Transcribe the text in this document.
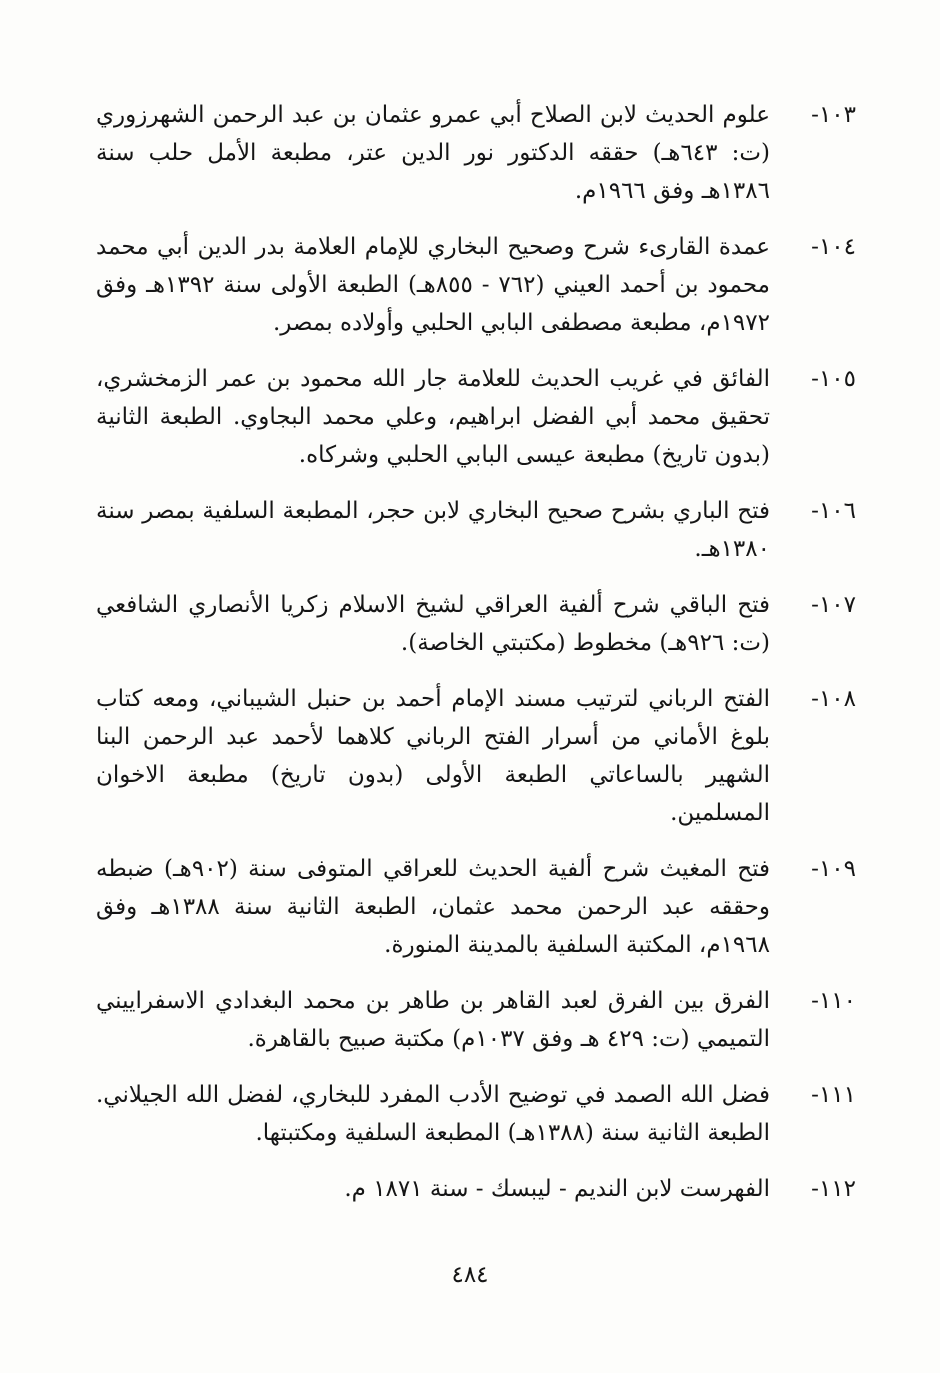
١٠٣-
علوم الحديث لابن الصلاح أبي عمرو عثمان بن عبد الرحمن الشهرزوري (ت: ٦٤٣هـ) حققه الدكتور نور الدين عتر، مطبعة الأمل حلب سنة ١٣٨٦هـ وفق ١٩٦٦م.
١٠٤-
عمدة القارىء شرح وصحيح البخاري للإمام العلامة بدر الدين أبي محمد محمود بن أحمد العيني (٧٦٢ - ٨٥٥هـ) الطبعة الأولى سنة ١٣٩٢هـ وفق ١٩٧٢م، مطبعة مصطفى البابي الحلبي وأولاده بمصر.
١٠٥-
الفائق في غريب الحديث للعلامة جار الله محمود بن عمر الزمخشري، تحقيق محمد أبي الفضل ابراهيم، وعلي محمد البجاوي. الطبعة الثانية (بدون تاريخ) مطبعة عيسى البابي الحلبي وشركاه.
١٠٦-
فتح الباري بشرح صحيح البخاري لابن حجر، المطبعة السلفية بمصر سنة ١٣٨٠هـ.
١٠٧-
فتح الباقي شرح ألفية العراقي لشيخ الاسلام زكريا الأنصاري الشافعي (ت: ٩٢٦هـ) مخطوط (مكتبتي الخاصة).
١٠٨-
الفتح الرباني لترتيب مسند الإمام أحمد بن حنبل الشيباني، ومعه كتاب بلوغ الأماني من أسرار الفتح الرباني كلاهما لأحمد عبد الرحمن البنا الشهير بالساعاتي الطبعة الأولى (بدون تاريخ) مطبعة الاخوان المسلمين.
١٠٩-
فتح المغيث شرح ألفية الحديث للعراقي المتوفى سنة (٩٠٢هـ) ضبطه وحققه عبد الرحمن محمد عثمان، الطبعة الثانية سنة ١٣٨٨هـ وفق ١٩٦٨م، المكتبة السلفية بالمدينة المنورة.
١١٠-
الفرق بين الفرق لعبد القاهر بن طاهر بن محمد البغدادي الاسفراييني التميمي (ت: ٤٢٩ هـ وفق ١٠٣٧م) مكتبة صبيح بالقاهرة.
١١١-
فضل الله الصمد في توضيح الأدب المفرد للبخاري، لفضل الله الجيلاني. الطبعة الثانية سنة (١٣٨٨هـ) المطبعة السلفية ومكتبتها.
١١٢-
الفهرست لابن النديم - ليبسك - سنة ١٨٧١ م.
٤٨٤
